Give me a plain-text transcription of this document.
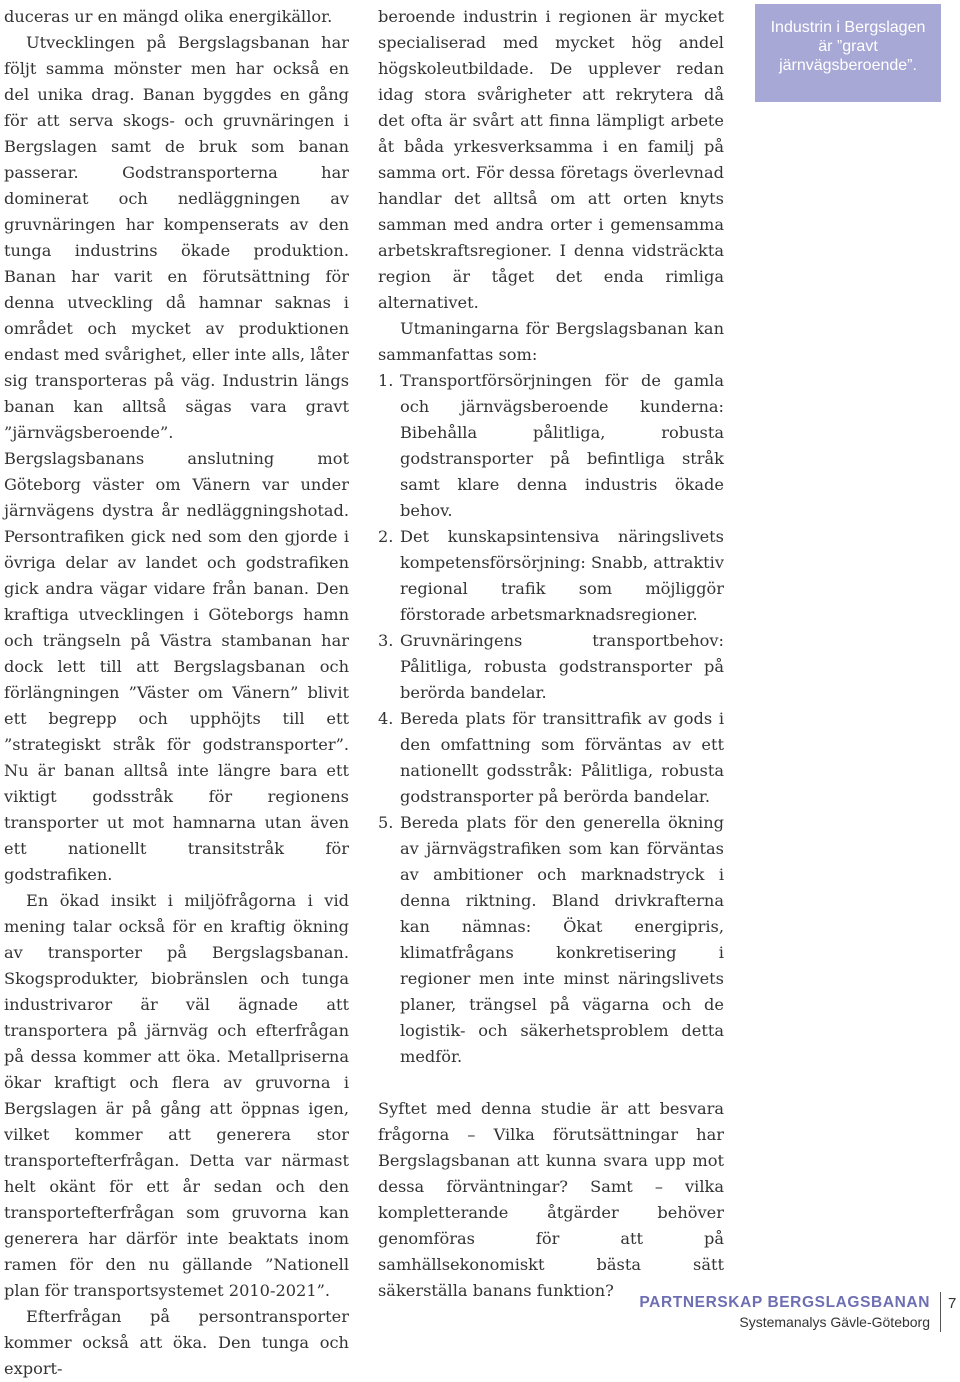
duceras ur en mängd olika energikällor.

Utvecklingen på Bergslagsbanan har följt samma mönster men har också en del unika drag. Banan byggdes en gång för att serva skogs- och gruvnäringen i Bergslagen samt de bruk som banan passerar. Godstransporterna har dominerat och nedläggningen av gruvnäringen har kompenserats av den tunga industrins ökade produktion. Banan har varit en förutsättning för denna utveckling då hamnar saknas i området och mycket av produktionen endast med svårighet, eller inte alls, låter sig transporteras på väg. Industrin längs banan kan alltså sägas vara gravt ”järnvägsberoende”.

Bergslagsbanans anslutning mot Göteborg väster om Vänern var under järnvägens dystra år nedläggningshotad. Persontrafiken gick ned som den gjorde i övriga delar av landet och godstrafiken gick andra vägar vidare från banan. Den kraftiga utvecklingen i Göteborgs hamn och trängseln på Västra stambanan har dock lett till att Bergslagsbanan och förlängningen ”Väster om Vänern” blivit ett begrepp och upphöjts till ett ”strategiskt stråk för godstransporter”. Nu är banan alltså inte längre bara ett viktigt godsstråk för regionens transporter ut mot hamnarna utan även ett nationellt transitstråk för godstrafiken.

En ökad insikt i miljöfrågorna i vid mening talar också för en kraftig ökning av transporter på Bergslagsbanan. Skogsprodukter, biobränslen och tunga industrivaror är väl ägnade att transportera på järnväg och efterfrågan på dessa kommer att öka. Metallpriserna ökar kraftigt och flera av gruvorna i Bergslagen är på gång att öppnas igen, vilket kommer att generera stor transportefterfrågan. Detta var närmast helt okänt för ett år sedan och den transportefterfrågan som gruvorna kan generera har därför inte beaktats inom ramen för den nu gällande ”Nationell plan för transportsystemet 2010-2021”.

Efterfrågan på persontransporter kommer också att öka. Den tunga och export-

beroende industrin i regionen är mycket specialiserad med mycket hög andel högskoleutbildade. De upplever redan idag stora svårigheter att rekrytera då det ofta är svårt att finna lämpligt arbete åt båda yrkesverksamma i en familj på samma ort. För dessa företags överlevnad handlar det alltså om att orten knyts samman med andra orter i gemensamma arbetskraftsregioner. I denna vidsträckta region är tåget det enda rimliga alternativet.

Utmaningarna för Bergslagsbanan kan sammanfattas som:

1. Transportförsörjningen för de gamla och järnvägsberoende kunderna: Bibehålla pålitliga, robusta godstransporter på befintliga stråk samt klare denna industris ökade behov.
2. Det kunskapsintensiva näringslivets kompetensförsörjning: Snabb, attraktiv regional trafik som möjliggör förstorade arbetsmarknadsregioner.
3. Gruvnäringens transportbehov: Pålitliga, robusta godstransporter på berörda bandelar.
4. Bereda plats för transittrafik av gods i den omfattning som förväntas av ett nationellt godsstråk: Pålitliga, robusta godstransporter på berörda bandelar.
5. Bereda plats för den generella ökning av järnvägstrafiken som kan förväntas av ambitioner och marknadstryck i denna riktning. Bland drivkrafterna kan nämnas: Ökat energipris, klimatfrågans konkretisering i regioner men inte minst näringslivets planer, trängsel på vägarna och de logistik- och säkerhetsproblem detta medför.

Syftet med denna studie är att besvara frågorna – Vilka förutsättningar har Bergslagsbanan att kunna svara upp mot dessa förväntningar? Samt – vilka kompletterande åtgärder behöver genomföras för att på samhällsekonomiskt bästa sätt säkerställa banans funktion?

Industrin i Bergslagen är ”gravt järnvägsberoende”.
PARTNERSKAP BERGSLAGSBANAN
Systemanalys Gävle-Göteborg
7
